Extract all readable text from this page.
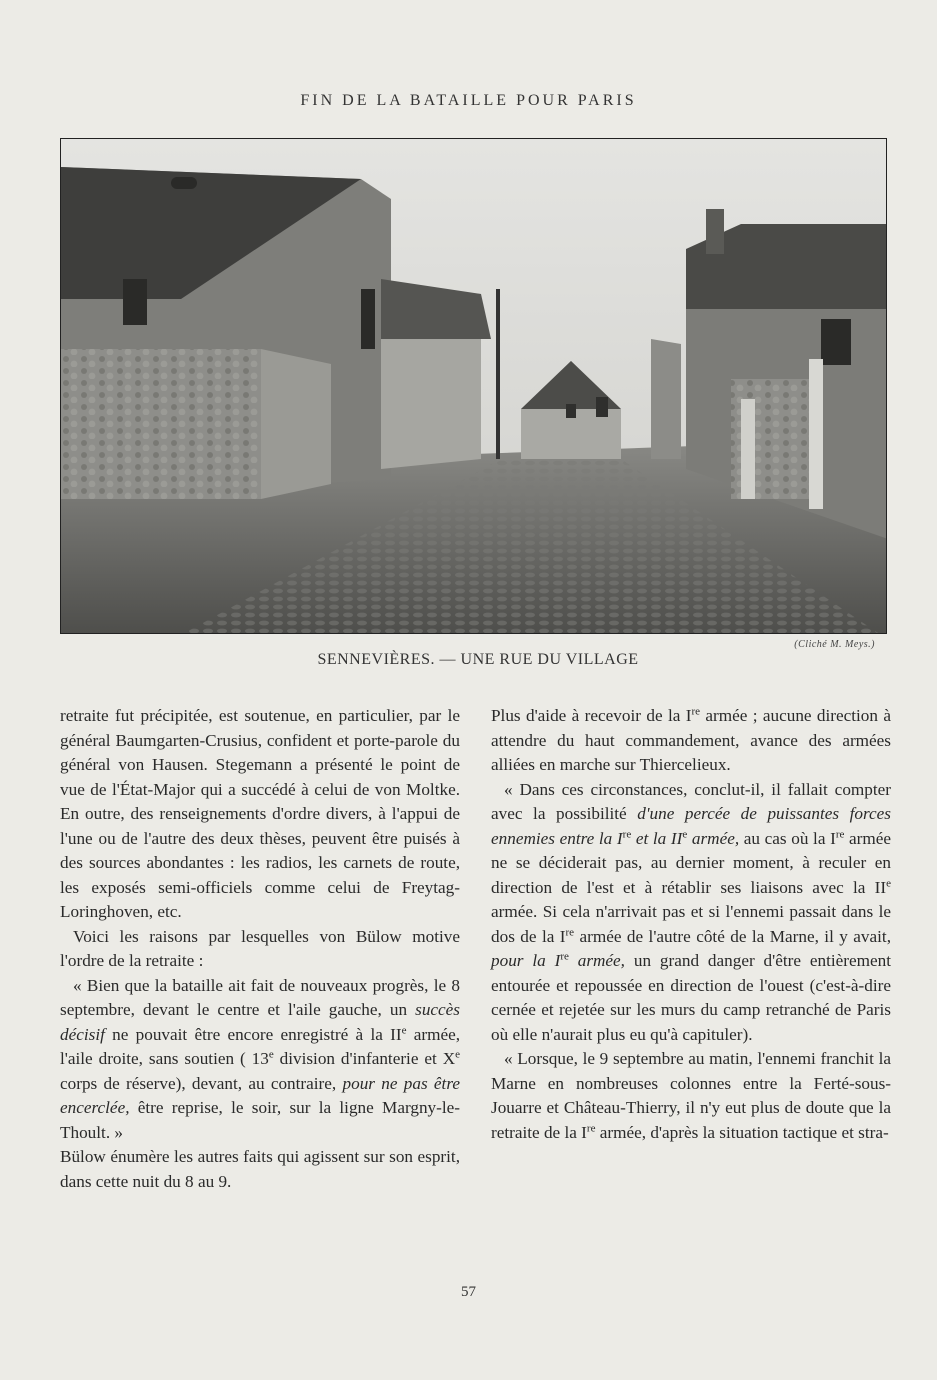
FIN DE LA BATAILLE POUR PARIS
(Cliché M. Meys.)
SENNEVIÈRES. — UNE RUE DU VILLAGE

retraite fut précipitée, est soutenue, en particulier, par le général Baumgarten-Crusius, confident et porte-parole du général von Hausen. Stegemann a présenté le point de vue de l'État-Major qui a succédé à celui de von Moltke. En outre, des renseignements d'ordre divers, à l'appui de l'une ou de l'autre des deux thèses, peuvent être puisés à des sources abondantes : les radios, les carnets de route, les exposés semi-officiels comme celui de Freytag-Loringhoven, etc.

Voici les raisons par lesquelles von Bülow motive l'ordre de la retraite :

« Bien que la bataille ait fait de nouveaux progrès, le 8 septembre, devant le centre et l'aile gauche, un succès décisif ne pouvait être encore enregistré à la IIe armée, l'aile droite, sans soutien ( 13e division d'infanterie et Xe corps de réserve), devant, au contraire, pour ne pas être encerclée, être reprise, le soir, sur la ligne Margny-le-Thoult. »

Bülow énumère les autres faits qui agissent sur son esprit, dans cette nuit du 8 au 9.

Plus d'aide à recevoir de la Ire armée ; aucune direction à attendre du haut commandement, avance des armées alliées en marche sur Thiercelieux.

« Dans ces circonstances, conclut-il, il fallait compter avec la possibilité d'une percée de puissantes forces ennemies entre la Ire et la IIe armée, au cas où la Ire armée ne se déciderait pas, au dernier moment, à reculer en direction de l'est et à rétablir ses liaisons avec la IIe armée. Si cela n'arrivait pas et si l'ennemi passait dans le dos de la Ire armée de l'autre côté de la Marne, il y avait, pour la Ire armée, un grand danger d'être entièrement entourée et repoussée en direction de l'ouest (c'est-à-dire cernée et rejetée sur les murs du camp retranché de Paris où elle n'aurait plus eu qu'à capituler).

« Lorsque, le 9 septembre au matin, l'ennemi franchit la Marne en nombreuses colonnes entre la Ferté-sous-Jouarre et Château-Thierry, il n'y eut plus de doute que la retraite de la Ire armée, d'après la situation tactique et stra-

57
